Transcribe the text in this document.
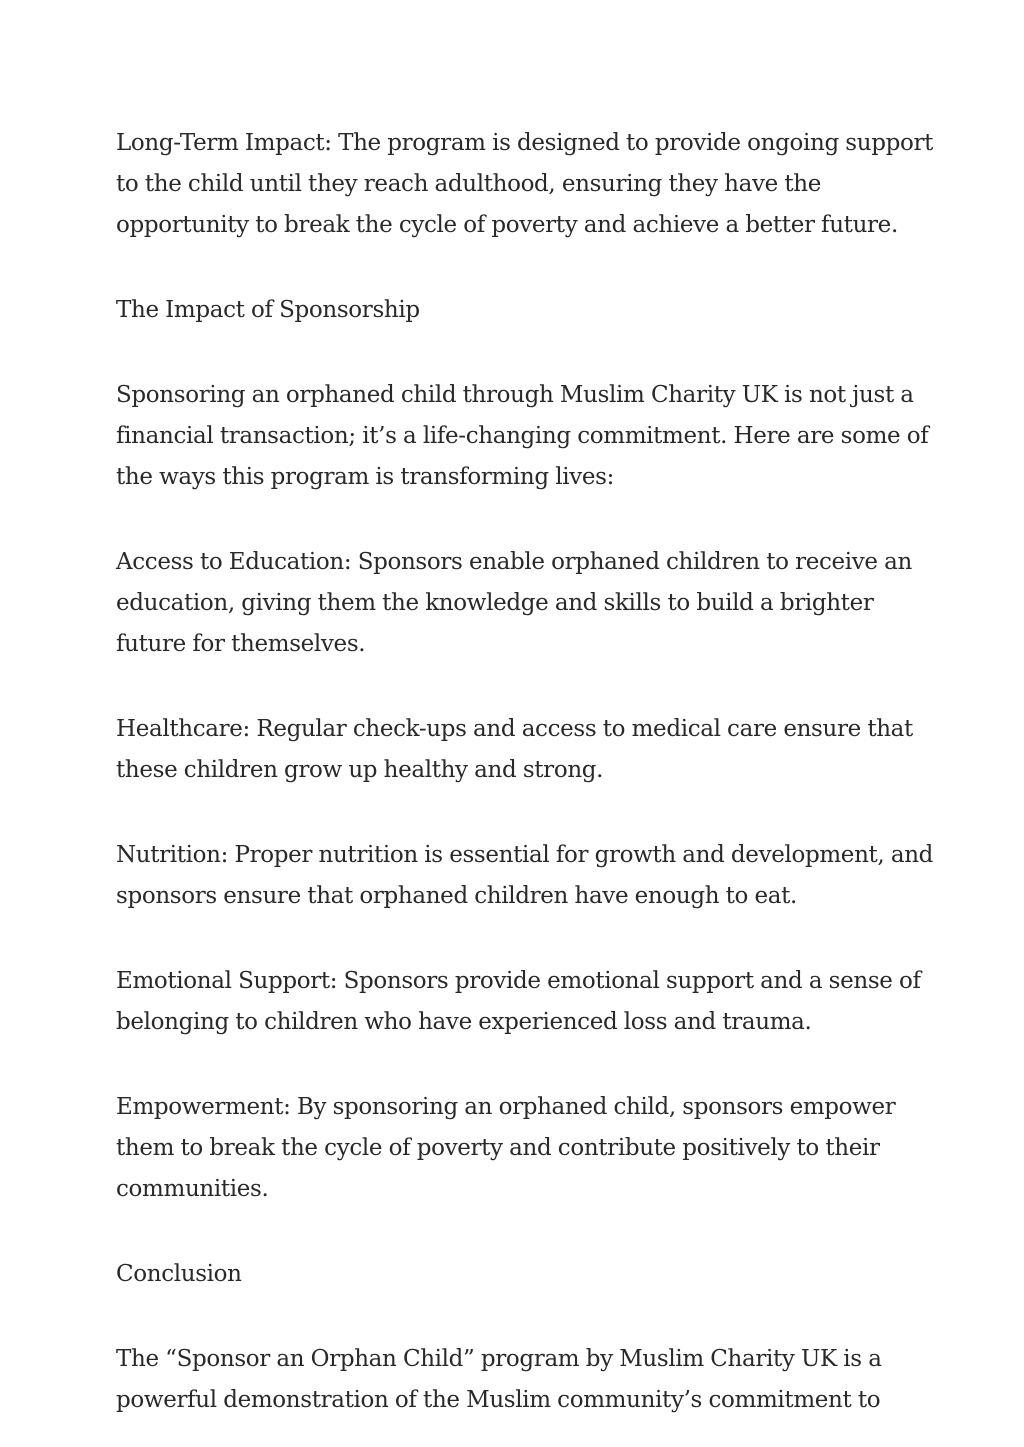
Long-Term Impact: The program is designed to provide ongoing support to the child until they reach adulthood, ensuring they have the opportunity to break the cycle of poverty and achieve a better future.

The Impact of Sponsorship

Sponsoring an orphaned child through Muslim Charity UK is not just a financial transaction; it’s a life-changing commitment. Here are some of the ways this program is transforming lives:

Access to Education: Sponsors enable orphaned children to receive an education, giving them the knowledge and skills to build a brighter future for themselves.

Healthcare: Regular check-ups and access to medical care ensure that these children grow up healthy and strong.

Nutrition: Proper nutrition is essential for growth and development, and sponsors ensure that orphaned children have enough to eat.

Emotional Support: Sponsors provide emotional support and a sense of belonging to children who have experienced loss and trauma.

Empowerment: By sponsoring an orphaned child, sponsors empower them to break the cycle of poverty and contribute positively to their communities.

Conclusion

The “Sponsor an Orphan Child” program by Muslim Charity UK is a powerful demonstration of the Muslim community’s commitment to
